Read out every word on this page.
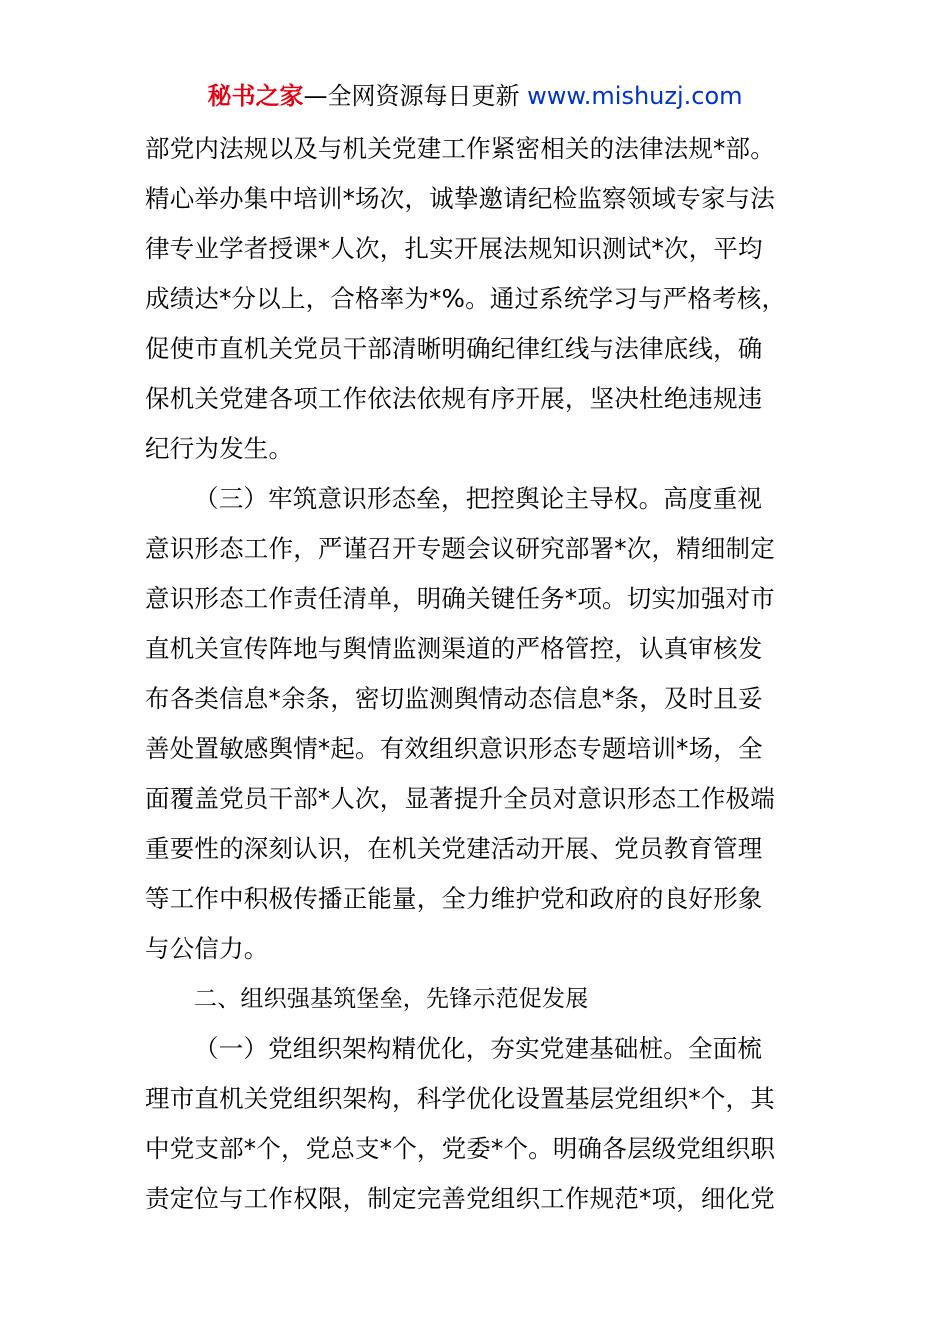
秘书之家—全网资源每日更新 www.mishuzj.com
部党内法规以及与机关党建工作紧密相关的法律法规*部。
精心举办集中培训*场次，诚挚邀请纪检监察领域专家与法
律专业学者授课*人次，扎实开展法规知识测试*次，平均
成绩达*分以上，合格率为*%。通过系统学习与严格考核，
促使市直机关党员干部清晰明确纪律红线与法律底线，确
保机关党建各项工作依法依规有序开展，坚决杜绝违规违
纪行为发生。
（三）牢筑意识形态垒，把控舆论主导权。高度重视
意识形态工作，严谨召开专题会议研究部署*次，精细制定
意识形态工作责任清单，明确关键任务*项。切实加强对市
直机关宣传阵地与舆情监测渠道的严格管控，认真审核发
布各类信息*余条，密切监测舆情动态信息*条，及时且妥
善处置敏感舆情*起。有效组织意识形态专题培训*场，全
面覆盖党员干部*人次，显著提升全员对意识形态工作极端
重要性的深刻认识，在机关党建活动开展、党员教育管理
等工作中积极传播正能量，全力维护党和政府的良好形象
与公信力。
二、组织强基筑堡垒，先锋示范促发展
（一）党组织架构精优化，夯实党建基础桩。全面梳
理市直机关党组织架构，科学优化设置基层党组织*个，其
中党支部*个，党总支*个，党委*个。明确各层级党组织职
责定位与工作权限，制定完善党组织工作规范*项，细化党
